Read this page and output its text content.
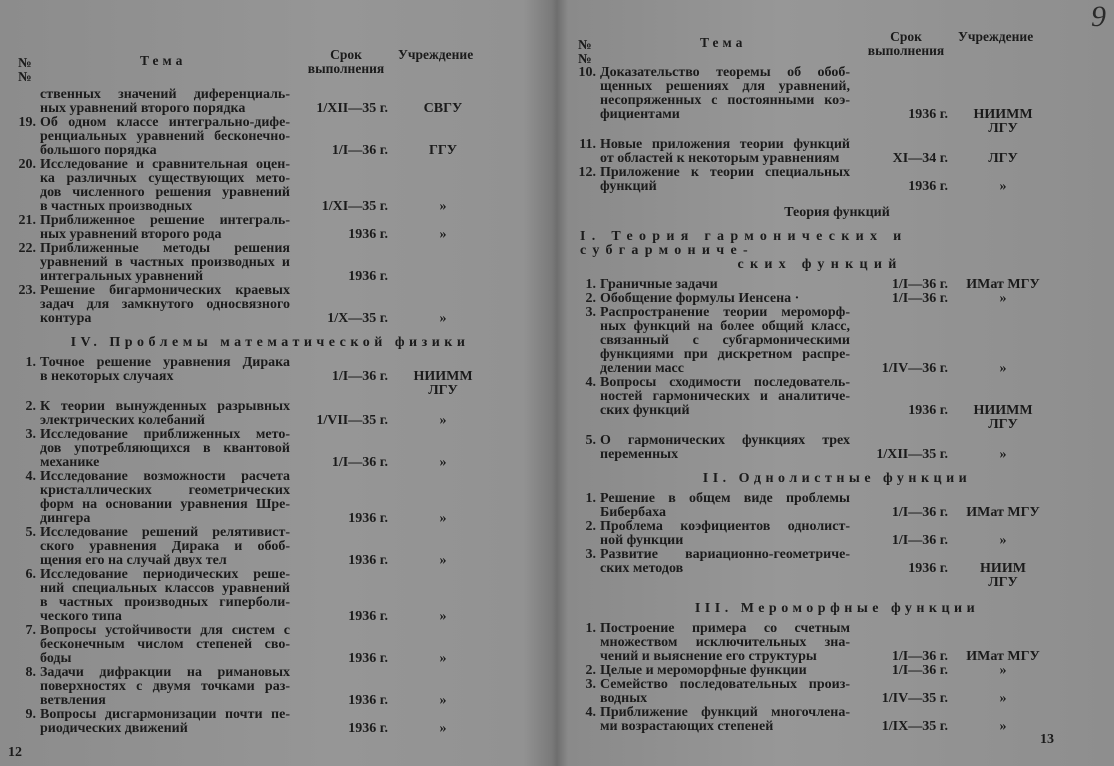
№№
Тема	Срок
выполнения
Учреждение
ственных значений диференциаль-
ных уравнений второго порядка	1/XII—35 г.	СВГУ
19. Об одном классе интегрально-дифе-
ренциальных уравнений бесконечно-
большого порядка	1/I—36 г.	ГГУ
20. Исследование и сравнительная оцен-
ка различных существующих мето-
дов численного решения уравнений
в частных производных	1/XI—35 г.	»
21. Приближенное решение интеграль-
ных уравнений второго рода	1936 г.	»
22. Приближенные методы решения
уравнений в частных производных и
интегральных уравнений	1936 г.
23. Решение бигармонических краевых
задач для замкнутого односвязного
контура	1/X—35 г.	»
IV. Проблемы математической физики
1. Точное решение уравнения Дирака
в некоторых случаях	1/I—36 г.	НИИММ
ЛГУ
2. К теории вынужденных разрывных
электрических колебаний	1/VII—35 г.	»
3. Исследование приближенных мето-
дов употребляющихся в квантовой
механике	1/I—36 г.	»
4. Исследование возможности расчета
кристаллических геометрических
форм на основании уравнения Шре-
дингера	1936 г.	»
5. Исследование решений релятивист-
ского уравнения Дирака и обоб-
щения его на случай двух тел	1936 г.	»
6. Исследование периодических реше-
ний специальных классов уравнений
в частных производных гиперболи-
ческого типа	1936 г.	»
7. Вопросы устойчивости для систем с
бесконечным числом степеней сво-
боды	1936 г.	»
8. Задачи дифракции на римановых
поверхностях с двумя точками раз-
ветвления	1936 г.	»
9. Вопросы дисгармонизации почти пе-
риодических движений	1936 г.	»
12
9
№№
Тема	Срок
выполнения
Учреждение
10. Доказательство теоремы об обоб-
щенных решениях для уравнений,
несопряженных с постоянными коэ-
фициентами	1936 г.	НИИММ
ЛГУ
11. Новые приложения теории функций
от областей к некоторым уравнениям	XI—34 г.	ЛГУ
12. Приложение к теории специальных
функций	1936 г.	»
Теория функций
I. Теория гармонических и субгармониче-
ских функций
1. Граничные задачи	1/I—36 г.	ИМат МГУ
2. Обобщение формулы Иенсена ·	1/I—36 г.	»
3. Распространение теории мероморф-
ных функций на более общий класс,
связанный с субгармоническими
функциями при дискретном распре-
делении масс	1/IV—36 г.	»
4. Вопросы сходимости последователь-
ностей гармонических и аналитиче-
ских функций	1936 г.	НИИММ
ЛГУ
5. О гармонических функциях трех
переменных	1/XII—35 г.	»
II. Однолистные функции
1. Решение в общем виде проблемы
Бибербаха	1/I—36 г.	ИМат МГУ
2. Проблема коэфициентов однолист-
ной функции	1/I—36 г.	»
3. Развитие вариационно-геометриче-
ских методов	1936 г.	НИИМ
ЛГУ
III. Мероморфные функции
1. Построение примера со счетным
множеством исключительных зна-
чений и выяснение его структуры	1/I—36 г.	ИМат МГУ
2. Целые и мероморфные функции	1/I—36 г.	»
3. Семейство последовательных произ-
водных	1/IV—35 г.	»
4. Приближение функций многочлена-
ми возрастающих степеней	1/IX—35 г.	»
13
